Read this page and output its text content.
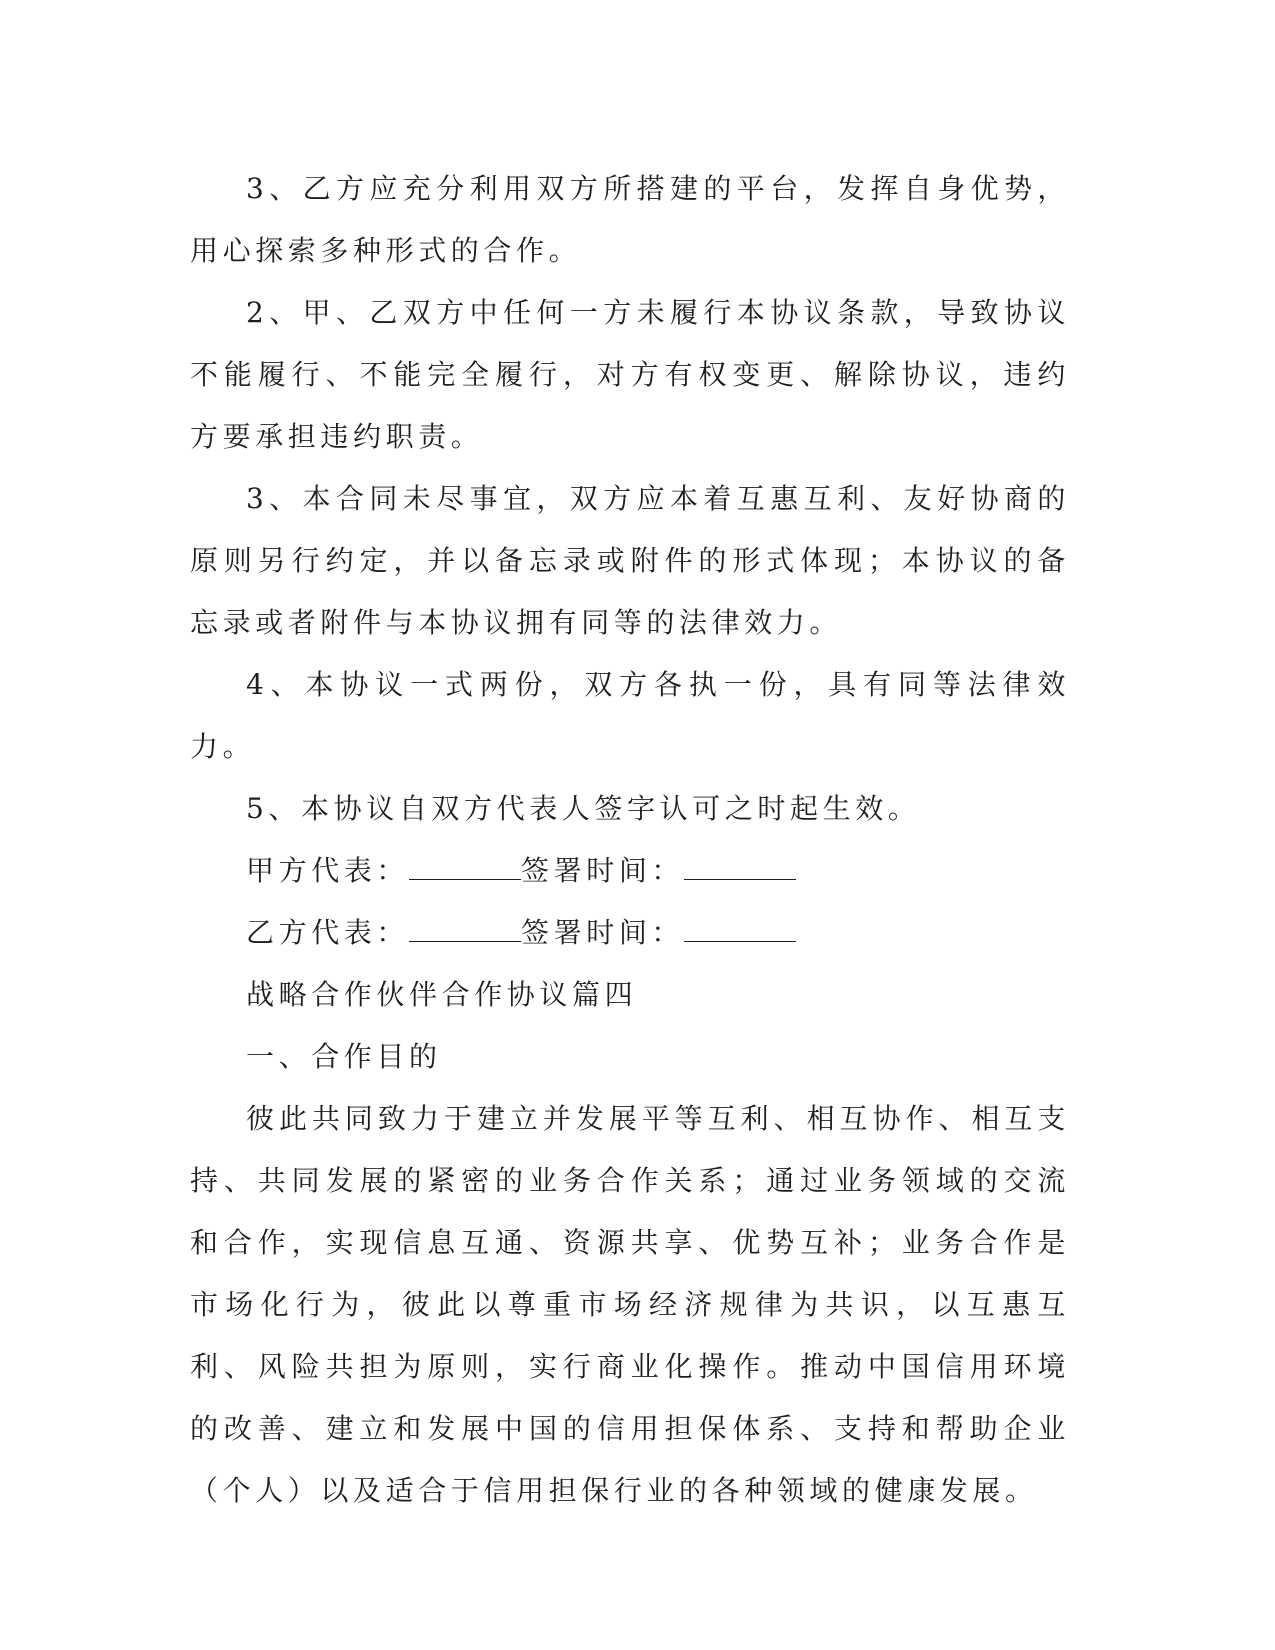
3、乙方应充分利用双方所搭建的平台，发挥自身优势，用心探索多种形式的合作。

2、甲、乙双方中任何一方未履行本协议条款，导致协议不能履行、不能完全履行，对方有权变更、解除协议，违约方要承担违约职责。

3、本合同未尽事宜，双方应本着互惠互利、友好协商的原则另行约定，并以备忘录或附件的形式体现；本协议的备忘录或者附件与本协议拥有同等的法律效力。

4、本协议一式两份，双方各执一份，具有同等法律效力。

5、本协议自双方代表人签字认可之时起生效。

甲方代表：	签署时间：

乙方代表：	签署时间：

战略合作伙伴合作协议篇四

一、合作目的

彼此共同致力于建立并发展平等互利、相互协作、相互支持、共同发展的紧密的业务合作关系；通过业务领域的交流和合作，实现信息互通、资源共享、优势互补；业务合作是市场化行为，彼此以尊重市场经济规律为共识，以互惠互利、风险共担为原则，实行商业化操作。推动中国信用环境的改善、建立和发展中国的信用担保体系、支持和帮助企业（个人）以及适合于信用担保行业的各种领域的健康发展。
